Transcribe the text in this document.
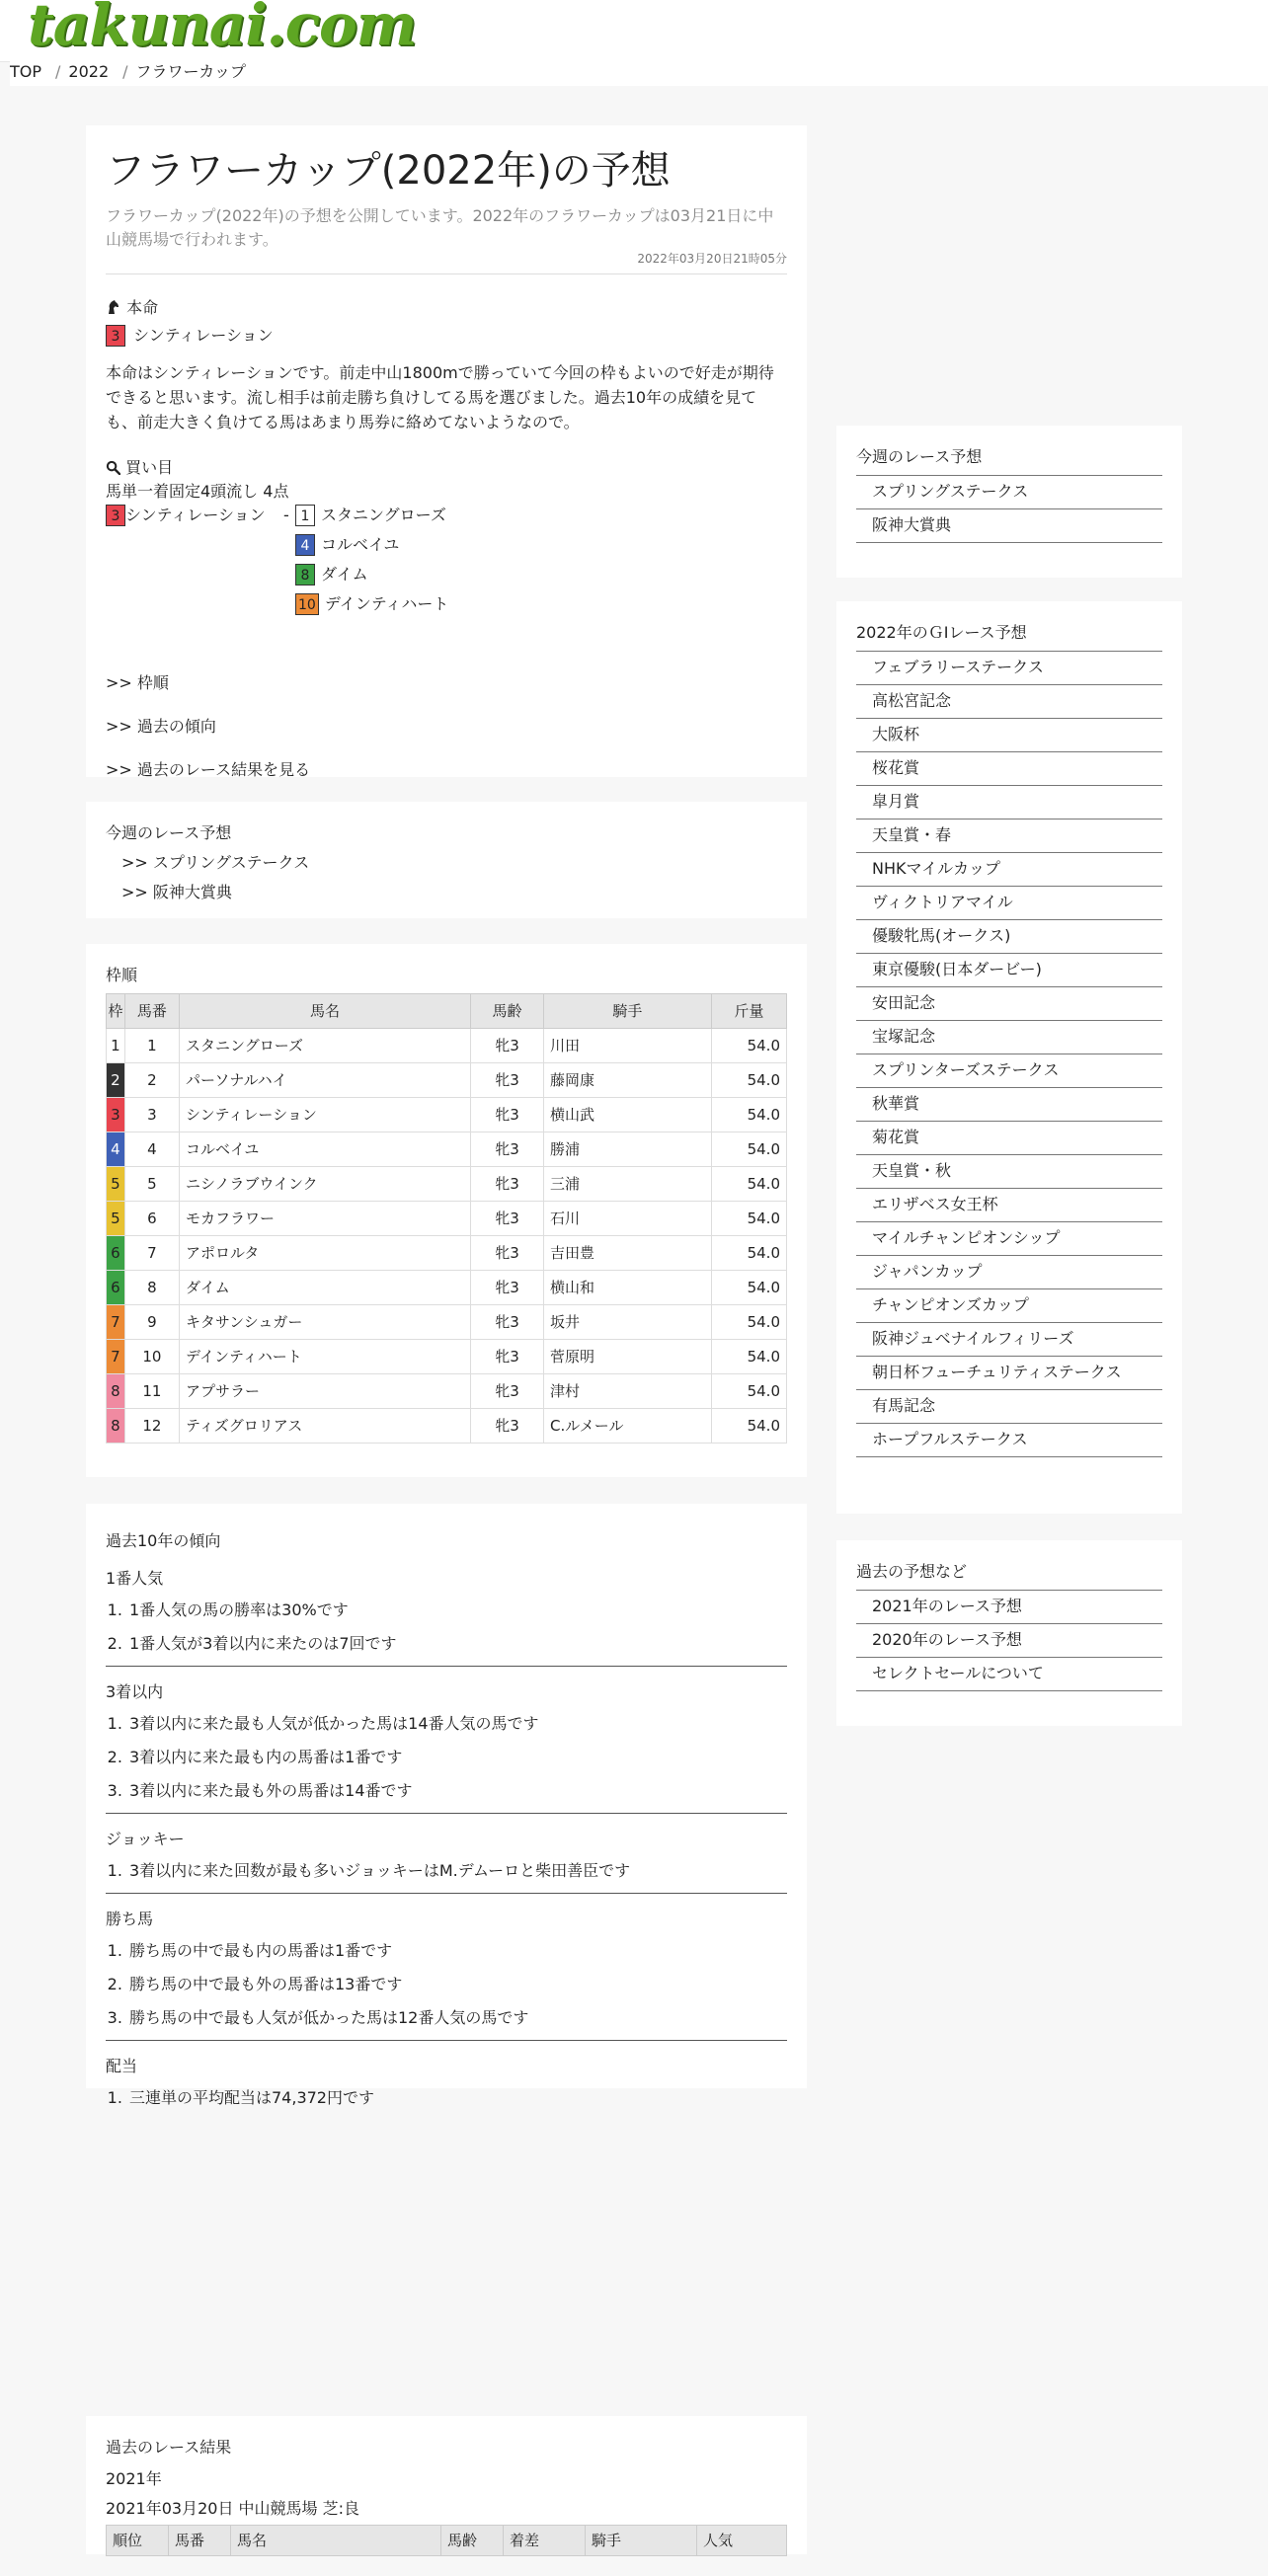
takunai.com
TOP / 2022 / フラワーカップ
フラワーカップ(2022年)の予想
フラワーカップ(2022年)の予想を公開しています。2022年のフラワーカップは03月21日に中山競馬場で行われます。
2022年03月20日21時05分
本命
3 シンティレーション
本命はシンティレーションです。前走中山1800mで勝っていて今回の枠もよいので好走が期待できると思います。流し相手は前走勝ち負けしてる馬を選びました。過去10年の成績を見ても、前走大きく負けてる馬はあまり馬券に絡めてないようなので。
買い目
馬単一着固定4頭流し 4点
3 シンティレーション - 1 スタニングローズ
4 コルベイユ
8 ダイム
10 デインティハート
>> 枠順
>> 過去の傾向
>> 過去のレース結果を見る
今週のレース予想
>> スプリングステークス
>> 阪神大賞典
枠順
枠	馬番	馬名	馬齢	騎手	斤量
1	1	スタニングローズ	牝3	川田	54.0
2	2	パーソナルハイ	牝3	藤岡康	54.0
3	3	シンティレーション	牝3	横山武	54.0
4	4	コルベイユ	牝3	勝浦	54.0
5	5	ニシノラブウインク	牝3	三浦	54.0
5	6	モカフラワー	牝3	石川	54.0
6	7	アポロルタ	牝3	吉田豊	54.0
6	8	ダイム	牝3	横山和	54.0
7	9	キタサンシュガー	牝3	坂井	54.0
7	10	デインティハート	牝3	菅原明	54.0
8	11	アプサラー	牝3	津村	54.0
8	12	ティズグロリアス	牝3	C.ルメール	54.0
過去10年の傾向
1番人気
1. 1番人気の馬の勝率は30%です
2. 1番人気が3着以内に来たのは7回です
3着以内
1. 3着以内に来た最も人気が低かった馬は14番人気の馬です
2. 3着以内に来た最も内の馬番は1番です
3. 3着以内に来た最も外の馬番は14番です
ジョッキー
1. 3着以内に来た回数が最も多いジョッキーはM.デムーロと柴田善臣です
勝ち馬
1. 勝ち馬の中で最も内の馬番は1番です
2. 勝ち馬の中で最も外の馬番は13番です
3. 勝ち馬の中で最も人気が低かった馬は12番人気の馬です
配当
1. 三連単の平均配当は74,372円です
過去のレース結果
2021年
2021年03月20日 中山競馬場 芝:良
順位	馬番	馬名	馬齢	着差	騎手	人気
今週のレース予想
スプリングステークス
阪神大賞典
2022年のＧⅠレース予想
フェブラリーステークス
高松宮記念
大阪杯
桜花賞
皐月賞
天皇賞・春
NHKマイルカップ
ヴィクトリアマイル
優駿牝馬(オークス)
東京優駿(日本ダービー)
安田記念
宝塚記念
スプリンターズステークス
秋華賞
菊花賞
天皇賞・秋
エリザベス女王杯
マイルチャンピオンシップ
ジャパンカップ
チャンピオンズカップ
阪神ジュベナイルフィリーズ
朝日杯フューチュリティステークス
有馬記念
ホープフルステークス
過去の予想など
2021年のレース予想
2020年のレース予想
セレクトセールについて
